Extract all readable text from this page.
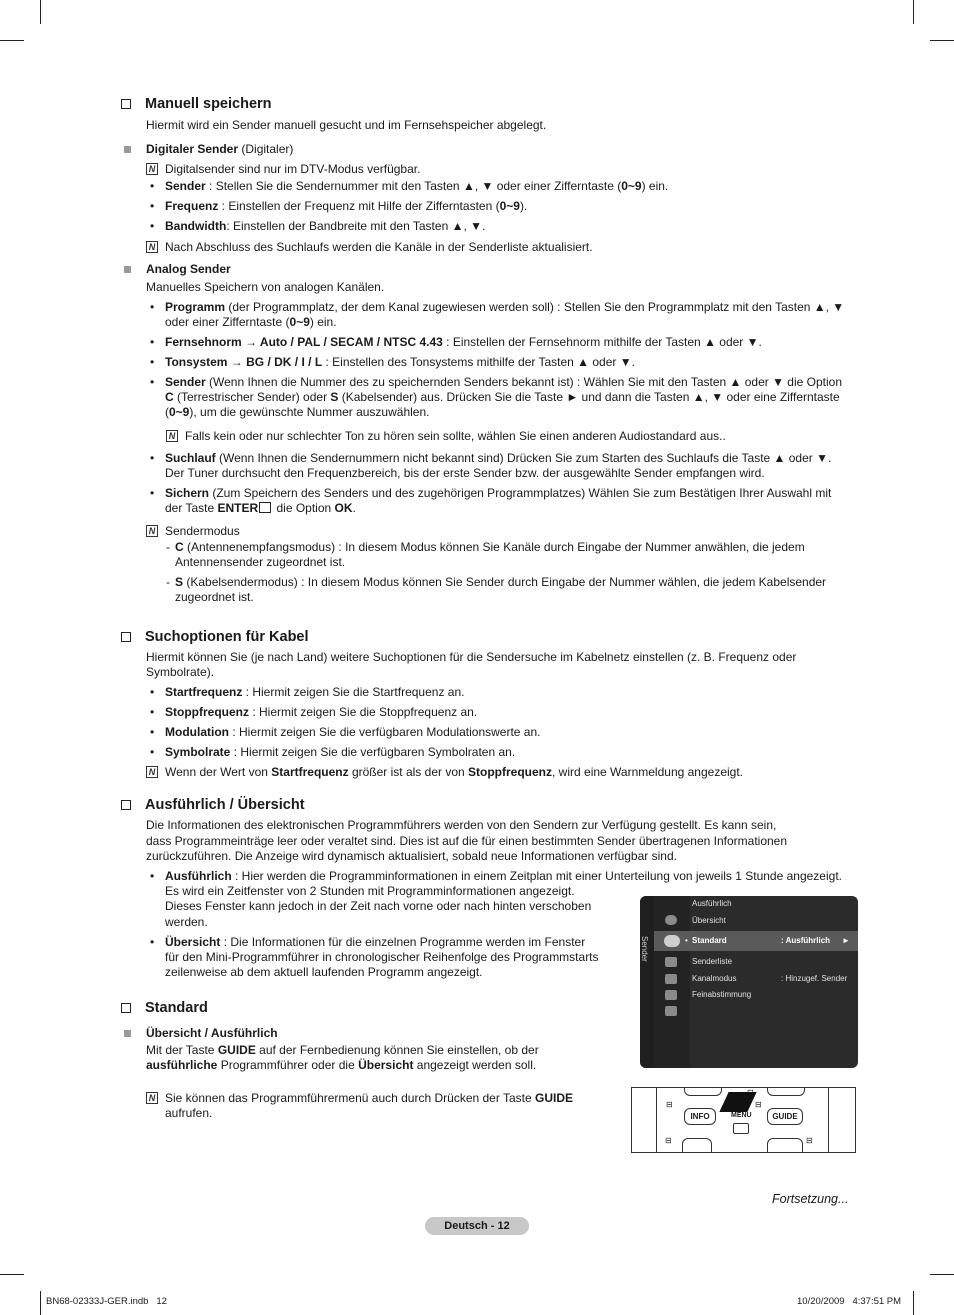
Manuell speichern
Hiermit wird ein Sender manuell gesucht und im Fernsehspeicher abgelegt.
Digitaler Sender (Digitaler)
N Digitalsender sind nur im DTV-Modus verfügbar.
• Sender : Stellen Sie die Sendernummer mit den Tasten ▲, ▼ oder einer Zifferntaste (0~9) ein.
• Frequenz : Einstellen der Frequenz mit Hilfe der Zifferntasten (0~9).
• Bandwidth: Einstellen der Bandbreite mit den Tasten ▲, ▼.
N Nach Abschluss des Suchlaufs werden die Kanäle in der Senderliste aktualisiert.
Analog Sender
Manuelles Speichern von analogen Kanälen.
• Programm (der Programmplatz, der dem Kanal zugewiesen werden soll) : Stellen Sie den Programmplatz mit den Tasten ▲, ▼
oder einer Zifferntaste (0~9) ein.
• Fernsehnorm → Auto / PAL / SECAM / NTSC 4.43 : Einstellen der Fernsehnorm mithilfe der Tasten ▲ oder ▼.
• Tonsystem → BG / DK / I / L : Einstellen des Tonsystems mithilfe der Tasten ▲ oder ▼.
• Sender (Wenn Ihnen die Nummer des zu speichernden Senders bekannt ist) : Wählen Sie mit den Tasten ▲ oder ▼ die Option
C (Terrestrischer Sender) oder S (Kabelsender) aus. Drücken Sie die Taste ► und dann die Tasten ▲, ▼ oder eine Zifferntaste
(0~9), um die gewünschte Nummer auszuwählen.
N Falls kein oder nur schlechter Ton zu hören sein sollte, wählen Sie einen anderen Audiostandard aus..
• Suchlauf (Wenn Ihnen die Sendernummern nicht bekannt sind) Drücken Sie zum Starten des Suchlaufs die Taste ▲ oder ▼.
Der Tuner durchsucht den Frequenzbereich, bis der erste Sender bzw. der ausgewählte Sender empfangen wird.
• Sichern (Zum Speichern des Senders und des zugehörigen Programmplatzes) Wählen Sie zum Bestätigen Ihrer Auswahl mit
der Taste ENTER die Option OK.
N Sendermodus
- C (Antennenempfangsmodus) : In diesem Modus können Sie Kanäle durch Eingabe der Nummer anwählen, die jedem
Antennensender zugeordnet ist.
- S (Kabelsendermodus) : In diesem Modus können Sie Sender durch Eingabe der Nummer wählen, die jedem Kabelsender
zugeordnet ist.
Suchoptionen für Kabel
Hiermit können Sie (je nach Land) weitere Suchoptionen für die Sendersuche im Kabelnetz einstellen (z. B. Frequenz oder
Symbolrate).
• Startfrequenz : Hiermit zeigen Sie die Startfrequenz an.
• Stoppfrequenz : Hiermit zeigen Sie die Stoppfrequenz an.
• Modulation : Hiermit zeigen Sie die verfügbaren Modulationswerte an.
• Symbolrate : Hiermit zeigen Sie die verfügbaren Symbolraten an.
N Wenn der Wert von Startfrequenz größer ist als der von Stoppfrequenz, wird eine Warnmeldung angezeigt.
Ausführlich / Übersicht
Die Informationen des elektronischen Programmführers werden von den Sendern zur Verfügung gestellt. Es kann sein,
dass Programmeinträge leer oder veraltet sind. Dies ist auf die für einen bestimmten Sender übertragenen Informationen
zurückzuführen. Die Anzeige wird dynamisch aktualisiert, sobald neue Informationen verfügbar sind.
• Ausführlich : Hier werden die Programminformationen in einem Zeitplan mit einer Unterteilung von jeweils 1 Stunde angezeigt.
Es wird ein Zeitfenster von 2 Stunden mit Programminformationen angezeigt.
Dieses Fenster kann jedoch in der Zeit nach vorne oder nach hinten verschoben
werden.
• Übersicht : Die Informationen für die einzelnen Programme werden im Fenster
für den Mini-Programmführer in chronologischer Reihenfolge des Programmstarts
zeilenweise ab dem aktuell laufenden Programm angezeigt.
Standard
Übersicht / Ausführlich
Mit der Taste GUIDE auf der Fernbedienung können Sie einstellen, ob der
ausführliche Programmführer oder die Übersicht angezeigt werden soll.
N Sie können das Programmführermenü auch durch Drücken der Taste GUIDE
aufrufen.
Sender
Ausführlich
Übersicht
• Standard	: Ausführlich ►
Senderliste
Kanalmodus	: Hinzugef. Sender
Feinabstimmung
⊟	⊟
INFO	GUIDE
MENU
⊟	⊟
Fortsetzung...
Deutsch - 12
BN68-02333J-GER.indb   12	10/20/2009   4:37:51 PM
